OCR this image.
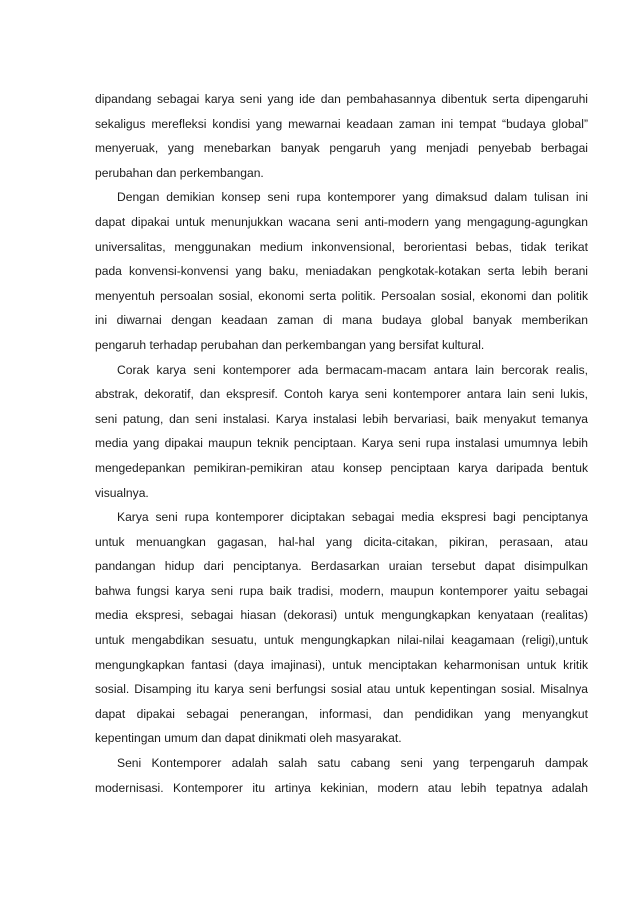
dipandang sebagai karya seni yang ide dan pembahasannya dibentuk serta dipengaruhi
sekaligus merefleksi kondisi yang mewarnai keadaan zaman ini tempat “budaya global”
menyeruak, yang menebarkan banyak pengaruh yang menjadi penyebab berbagai
perubahan dan perkembangan.
Dengan demikian konsep seni rupa kontemporer yang dimaksud dalam tulisan ini
dapat dipakai untuk menunjukkan wacana seni anti-modern yang mengagung-agungkan
universalitas, menggunakan medium inkonvensional, berorientasi bebas, tidak terikat
pada konvensi-konvensi yang baku, meniadakan pengkotak-kotakan serta lebih berani
menyentuh persoalan sosial, ekonomi serta politik. Persoalan sosial, ekonomi dan politik
ini diwarnai dengan keadaan zaman di mana budaya global banyak memberikan
pengaruh terhadap perubahan dan perkembangan yang bersifat kultural.
Corak karya seni kontemporer ada bermacam-macam antara lain bercorak realis,
abstrak, dekoratif, dan ekspresif. Contoh karya seni kontemporer antara lain seni lukis,
seni patung, dan seni instalasi. Karya instalasi lebih bervariasi, baik menyakut temanya
media yang dipakai maupun teknik penciptaan. Karya seni rupa instalasi umumnya lebih
mengedepankan pemikiran-pemikiran atau konsep penciptaan karya daripada bentuk
visualnya.
Karya seni rupa kontemporer diciptakan sebagai media ekspresi bagi penciptanya
untuk menuangkan gagasan, hal-hal yang dicita-citakan, pikiran, perasaan, atau
pandangan hidup dari penciptanya. Berdasarkan uraian tersebut dapat disimpulkan
bahwa fungsi karya seni rupa baik tradisi, modern, maupun kontemporer yaitu sebagai
media ekspresi, sebagai hiasan (dekorasi) untuk mengungkapkan kenyataan (realitas)
untuk mengabdikan sesuatu, untuk mengungkapkan nilai-nilai keagamaan (religi),untuk
mengungkapkan fantasi (daya imajinasi), untuk menciptakan keharmonisan untuk kritik
sosial. Disamping itu karya seni berfungsi sosial atau untuk kepentingan sosial. Misalnya
dapat dipakai sebagai penerangan, informasi, dan pendidikan yang menyangkut
kepentingan umum dan dapat dinikmati oleh masyarakat.
Seni Kontemporer adalah salah satu cabang seni yang terpengaruh dampak
modernisasi. Kontemporer itu artinya kekinian, modern atau lebih tepatnya adalah
